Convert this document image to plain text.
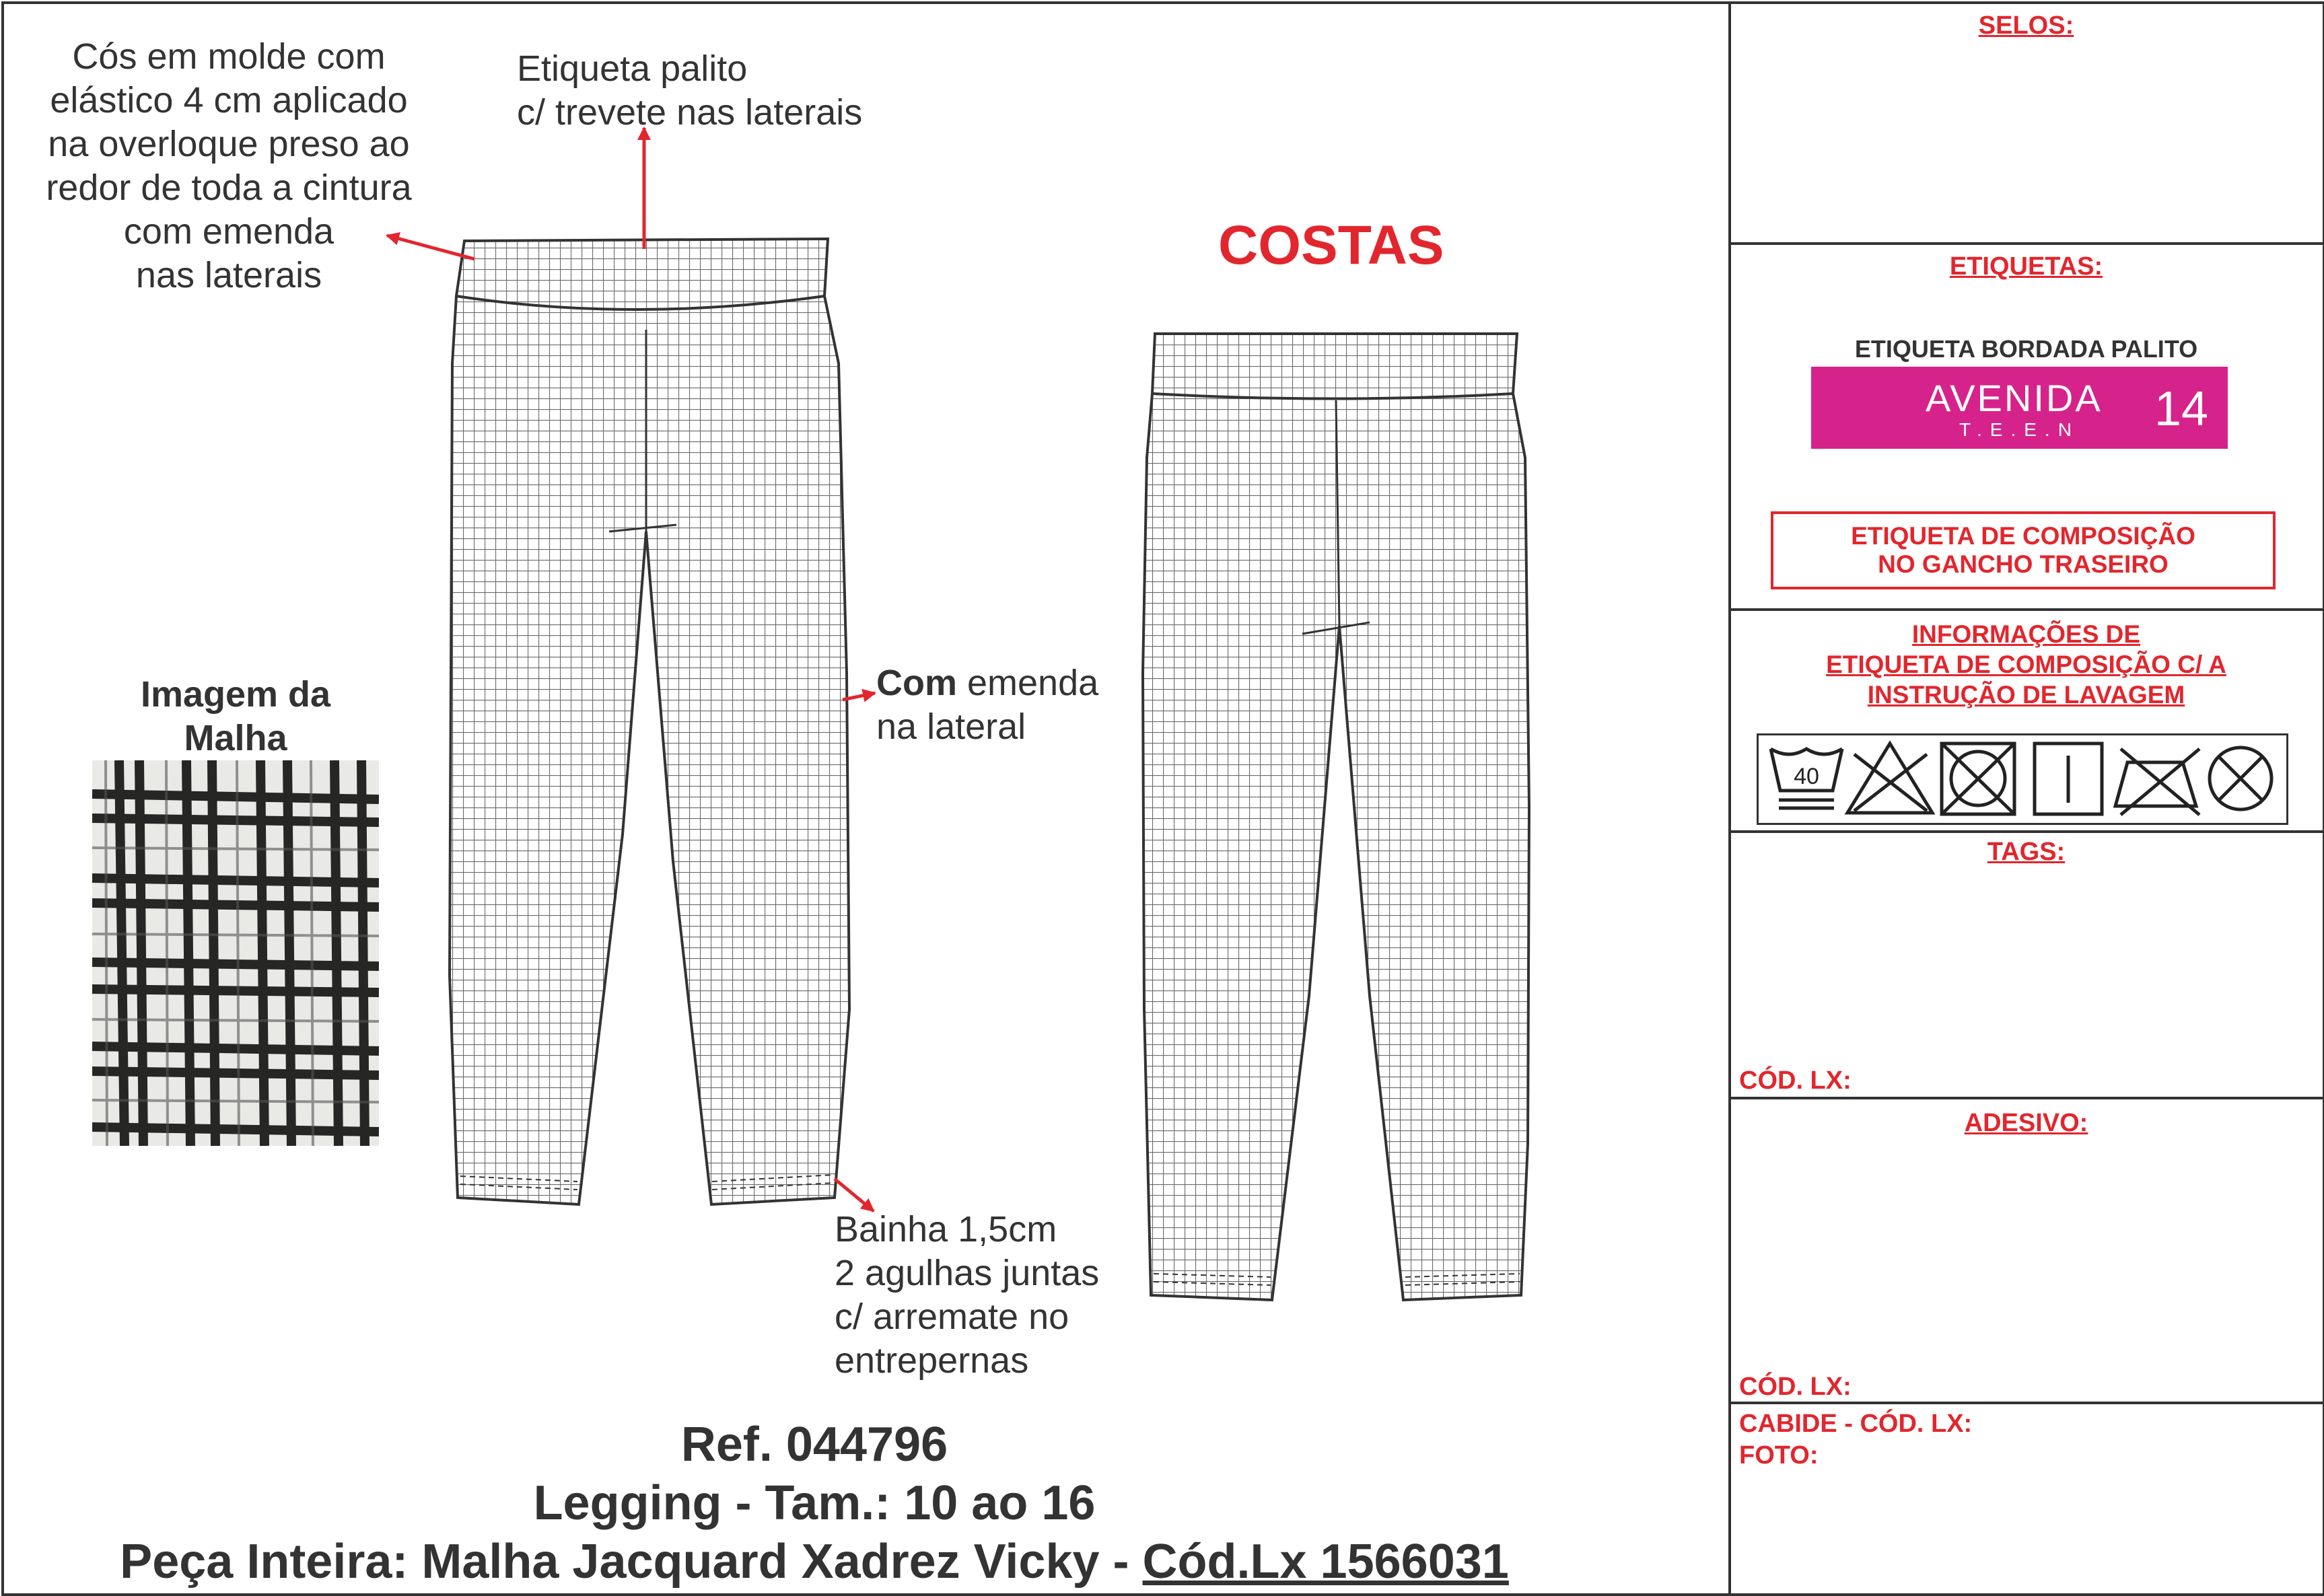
Cós em molde com
elástico 4 cm aplicado
na overloque preso ao
redor de toda a cintura
com emenda
nas laterais
Etiqueta palito
c/ trevete nas laterais
Com emenda
na lateral
Bainha 1,5cm
2 agulhas juntas
c/ arremate no
entrepernas
Imagem da
Malha
COSTAS
Ref. 044796
Legging - Tam.: 10 ao 16
Peça Inteira: Malha Jacquard Xadrez Vicky - Cód.Lx 1566031
SELOS:
ETIQUETAS:
ETIQUETA BORDADA PALITO
AVENIDA
T.E.E.N 14
ETIQUETA DE COMPOSIÇÃO
NO GANCHO TRASEIRO
INFORMAÇÕES DE
ETIQUETA DE COMPOSIÇÃO C/ A
INSTRUÇÃO DE LAVAGEM
40
TAGS:
CÓD. LX:
ADESIVO:
CÓD. LX:
CABIDE - CÓD. LX:
FOTO:
